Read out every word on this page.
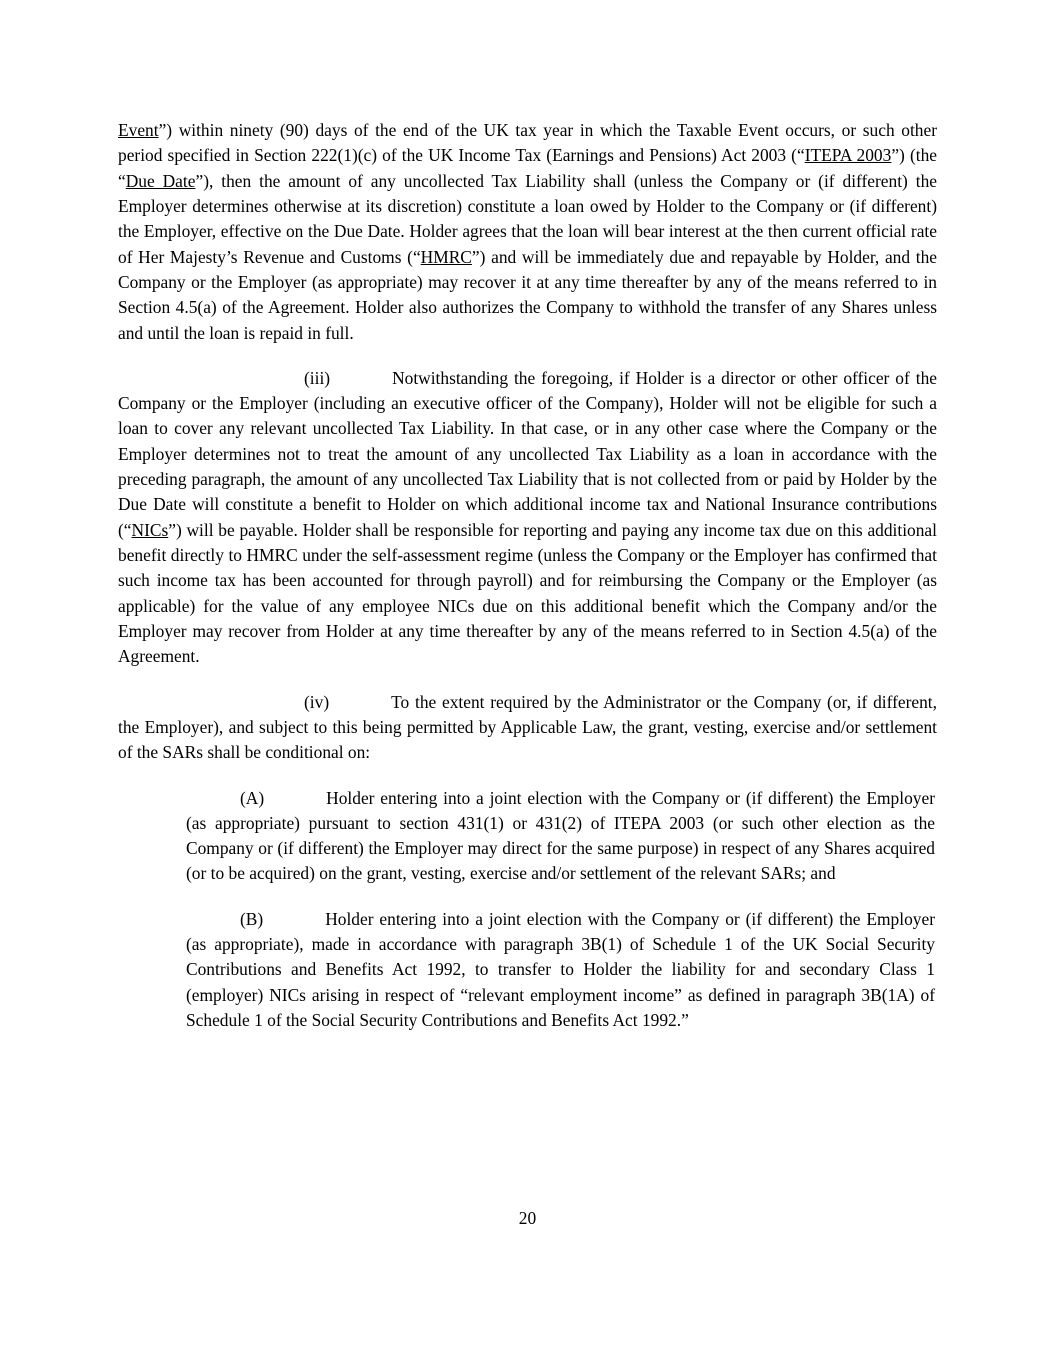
Event”) within ninety (90) days of the end of the UK tax year in which the Taxable Event occurs, or such other period specified in Section 222(1)(c) of the UK Income Tax (Earnings and Pensions) Act 2003 (“ITEPA 2003”) (the “Due Date”), then the amount of any uncollected Tax Liability shall (unless the Company or (if different) the Employer determines otherwise at its discretion) constitute a loan owed by Holder to the Company or (if different) the Employer, effective on the Due Date. Holder agrees that the loan will bear interest at the then current official rate of Her Majesty’s Revenue and Customs (“HMRC”) and will be immediately due and repayable by Holder, and the Company or the Employer (as appropriate) may recover it at any time thereafter by any of the means referred to in Section 4.5(a) of the Agreement. Holder also authorizes the Company to withhold the transfer of any Shares unless and until the loan is repaid in full.
(iii)	Notwithstanding the foregoing, if Holder is a director or other officer of the Company or the Employer (including an executive officer of the Company), Holder will not be eligible for such a loan to cover any relevant uncollected Tax Liability. In that case, or in any other case where the Company or the Employer determines not to treat the amount of any uncollected Tax Liability as a loan in accordance with the preceding paragraph, the amount of any uncollected Tax Liability that is not collected from or paid by Holder by the Due Date will constitute a benefit to Holder on which additional income tax and National Insurance contributions (“NICs”) will be payable. Holder shall be responsible for reporting and paying any income tax due on this additional benefit directly to HMRC under the self-assessment regime (unless the Company or the Employer has confirmed that such income tax has been accounted for through payroll) and for reimbursing the Company or the Employer (as applicable) for the value of any employee NICs due on this additional benefit which the Company and/or the Employer may recover from Holder at any time thereafter by any of the means referred to in Section 4.5(a) of the Agreement.
(iv)	To the extent required by the Administrator or the Company (or, if different, the Employer), and subject to this being permitted by Applicable Law, the grant, vesting, exercise and/or settlement of the SARs shall be conditional on:
(A)	Holder entering into a joint election with the Company or (if different) the Employer (as appropriate) pursuant to section 431(1) or 431(2) of ITEPA 2003 (or such other election as the Company or (if different) the Employer may direct for the same purpose) in respect of any Shares acquired (or to be acquired) on the grant, vesting, exercise and/or settlement of the relevant SARs; and
(B)	Holder entering into a joint election with the Company or (if different) the Employer (as appropriate), made in accordance with paragraph 3B(1) of Schedule 1 of the UK Social Security Contributions and Benefits Act 1992, to transfer to Holder the liability for and secondary Class 1 (employer) NICs arising in respect of “relevant employment income” as defined in paragraph 3B(1A) of Schedule 1 of the Social Security Contributions and Benefits Act 1992.”
20
